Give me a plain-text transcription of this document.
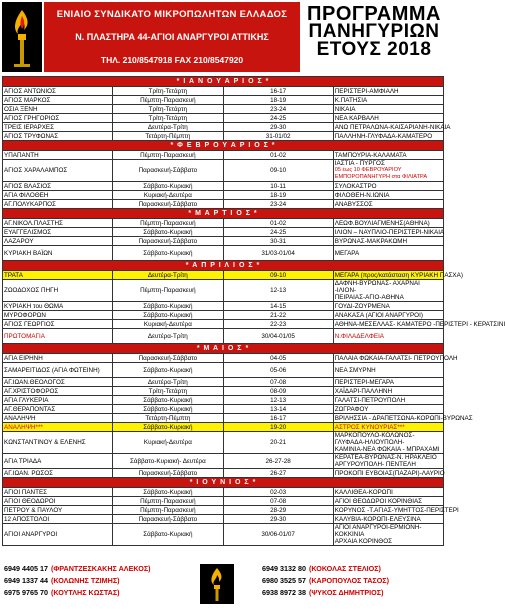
ΕΝΙΑΙΟ ΣΥΝΔΙΚΑΤΟ ΜΙΚΡΟΠΩΛΗΤΩΝ ΕΛΛΑΔΟΣ
Ν. ΠΛΑΣΤΗΡΑ 44-ΑΓΙΟΙ ΑΝΑΡΓΥΡΟΙ ΑΤΤΙΚΗΣ
ΤΗΛ. 210/8547918 FAX 210/8547920
ΠΡΟΓΡΑΜΜΑ
ΠΑΝΗΓΥΡΙΩΝ
ΕΤΟΥΣ 2018
* Ι Α Ν Ο Υ Α Ρ Ι Ο Σ *			
ΑΓΙΟΣ ΑΝΤΩΝΙΟΣ	Τρίτη-Τετάρτη	16-17	ΠΕΡΙΣΤΕΡΙ-ΑΜΦΙΑΛΗ
ΑΓΙΟΣ ΜΑΡΚΟΣ	Πέμπτη-Παρασκευή	18-19	Κ.ΠΑΤΗΣΙΑ
ΟΣΙΑ ΞΕΝΗ	Τρίτη-Τετάρτη	23-24	ΝΙΚΑΙΑ
ΑΓΙΟΣ ΓΡΗΓΟΡΙΟΣ	Τρίτη-Τετάρτη	24-25	ΝΕΑ ΚΑΡΒΑΛΗ
ΤΡΕΙΣ ΙΕΡΑΡΧΕΣ	Δευτέρα-Τρίτη	29-30	ΑΝΩ ΠΕΤΡΑΛΩΝΑ-ΚΑΙΣΑΡΙΑΝΗ-ΝΙΚΑΙΑ
ΑΓΙΟΣ ΤΡΥΦΩΝΑΣ	Τετάρτη-Πέμπτη	31-01/02	ΠΑΛΛΗΝΗ-ΓΛΥΦΑΔΑ-ΚΑΜΑΤΕΡΟ
* Φ Ε Β Ρ Ο Υ Α Ρ Ι Ο Σ *			
ΥΠΑΠΑΝΤΗ	Πέμπτη-Παρασκευή	01-02	ΤΑΜΠΟΥΡΙΑ-ΚΑΛΑΜΑΤΑ
ΑΓΙΟΣ ΧΑΡΑΛΑΜΠΟΣ	Παρασκευή-Σάββατο	09-10	ΙΑΣΤΙΑ - ΠΥΡΓΟΣ
05 έως 10 ΦΕΒΡΟΥΑΡΙΟΥ ΕΜΠΟΡΟΠΑΝΗΓΥΡΗ στα ΦΙΛΙΑΤΡΑ

ΑΓΙΟΣ ΒΛΑΣΙΟΣ	Σάββατο-Κυριακή	10-11	ΣΥΛΟΚΑΣΤΡΟ
ΑΓΙΑ ΦΙΛΟΘΕΗ	Κυριακή-Δευτέρα	18-19	ΦΙΛΟΘΕΗ-Ν.ΙΩΝΙΑ
ΑΓ.ΠΟΛΥΚΑΡΠΟΣ	Παρασκευή-Σάββατο	23-24	ΑΝΑΒΥΣΣΟΣ
* Μ Α Ρ Τ Ι Ο Σ *			
ΑΓ.ΝΙΚΟΛ.ΠΛΑΣΤΗΣ	Πέμπτη-Παρασκευή	01-02	ΛΕΩΦ.ΒΟΥΛΙΑΓΜΕΝΗΣ(ΑΘΗΝΑ)
ΕΥΑΓΓΕΛΙΣΜΟΣ	Σάββατο-Κυριακή	24-25	ΙΛΙΟΝ – ΝΑΥΠΛΙΟ-ΠΕΡΙΣΤΕΡΙ-ΝΙΚΑΙΑ
ΛΑΖΑΡΟΥ	Παρασκευή-Σάββατο	30-31	ΒΥΡΩΝΑΣ-ΜΑΚΡΑΚΩΜΗ
ΚΥΡΙΑΚΗ ΒΑΪΩΝ	Σάββατο-Κυριακή	31/03-01/04	ΜΕΓΑΡΑ
* Α Π Ρ Ι Λ Ι Ο Σ *			
ΤΡΑΤΑ	Δευτέρα-Τρίτη	09-10	ΜΕΓΑΡΑ (προς/κατάσταση ΚΥΡΙΑΚΗ ΠΑΣΧΑ)
ΖΩΟΔΟΧΟΣ ΠΗΓΗ	Πέμπτη-Παρασκευή	12-13	ΔΑΦΝΗ-ΒΥΡΩΝΑΣ- ΑΧΑΡΝΑΙ -ΙΛΙΟΝ-
ΠΕΙΡΑΙΑΣ-ΑΓΙΟ-ΑΘΗΝΑ

ΚΥΡΙΑΚΗ του ΘΩΜΑ	Σάββατο-Κυριακή	14-15	ΓΟΥΔΙ-ΖΟΥΡΜΕΝΑ
ΜΥΡΟΦΟΡΩΝ	Σάββατο-Κυριακή	21-22	ΑΝΑΚΑΣΑ (ΑΓΙΟΙ ΑΝΑΡΓΥΡΟΙ)
ΑΓΙΟΣ ΓΕΩΡΓΙΟΣ	Κυριακή-Δευτέρα	22-23	ΑΘΗΝΑ-ΜΕΣΕΛΛΑΣ- ΚΑΜΑΤΕΡΟ -ΠΕΡΙΣΤΕΡΙ - ΚΕΡΑΤΣΙΝΙ
ΠΡΩΤΟΜΑΓΙΑ	Δευτέρα-Τρίτη	30/04-01/05	Ν.ΦΙΛΑΔΕΛΦΕΙΑ
* Μ Α Ι Ο Σ *			
ΑΓΙΑ ΕΙΡΗΝΗ	Παρασκευή-Σάββατο	04-05	ΠΑΛΑΙΑ ΦΩΚΑΙΑ-ΓΑΛΑΤΣΙ- ΠΕΤΡΟΥΠΟΛΗ
ΣΑΜΑΡΕΙΤΙΔΟΣ (ΑΓΙΑ ΦΩΤΕΙΝΗ)	Σάββατο-Κυριακή	05-06	ΝΕΑ ΣΜΥΡΝΗ
ΑΓ.ΙΩΑΝ.ΘΕΟΛΟΓΟΣ	Δευτέρα-Τρίτη	07-08	ΠΕΡΙΣΤΕΡΙ-ΜΕΓΑΡΑ
ΑΓ.ΧΡΙΣΤΟΦΟΡΟΣ	Τρίτη-Τετάρτη	08-09	ΧΑΪΔΑΡΙ-ΠΑΛΛΗΝΗ
ΑΓΙΑ ΓΛΥΚΕΡΙΑ	Σάββατο-Κυριακή	12-13	ΓΑΛΑΤΣΙ-ΠΕΤΡΟΥΠΟΛΗ
ΑΓ.ΘΕΡΑΠΟΝΤΑΣ	Σάββατο-Κυριακή	13-14	ΖΩΓΡΑΦΟΥ
ΑΝΑΛΗΨΗ	Τετάρτη-Πέμπτη	16-17	ΒΡΙΛΗΣΣΙΑ - ΔΡΑΠΕΤΣΩΝΑ-ΚΟΡΩΠΙ-ΒΥΡΩΝΑΣ
ΑΝΑΛΗΨΗ***	Σάββατο-Κυριακή	19-20	ΑΣΤΡΟΣ ΚΥΝΟΥΡΙΑΣ***
ΚΩΝΣΤΑΝΤΙΝΟΥ & ΕΛΕΝΗΣ	Κυριακή-Δευτέρα	20-21	ΜΑΡΚΟΠΟΥΛΟ-ΚΟΛΩΝΟΣ-ΓΛΥΦΑΔΑ-ΗΛΙΟΥΠΟΛΗ-
ΚΑΜΙΝΙΑ-ΝΕΑ ΦΩΚΑΙΑ - ΜΠΡΑΧΑΜΙ

ΑΓΙΑ ΤΡΙΑΔΑ	Σάββατο-Κυριακή- Δευτέρα	26-27-28	ΚΕΡΑΤΕΑ-ΒΥΡΩΝΑΣ-Ν. ΗΡΑΚΛΕΙΟ
ΑΡΓΥΡΟΥΠΟΛΗ- ΠΕΝΤΕΛΗ

ΑΓ.ΙΩΑΝ. ΡΩΣΟΣ	Παρασκευή-Σάββατο	26-27	ΠΡΟΚΟΠΙ ΕΥΒΟΙΑΣ(ΠΑΖΑΡΙ)-ΛΑΥΡΙΟ
* Ι Ο Υ Ν Ι Ο Σ *			
ΑΓΙΟΙ ΠΑΝΤΕΣ	Σάββατο-Κυριακή	02-03	ΚΑΛΛΙΘΕΑ-ΚΟΡΩΠΙ
ΑΓΙΟΙ ΘΕΟΔΩΡΟΙ	Πέμπτη-Παρασκευή	07-08	ΑΓΙΟΙ ΘΕΟΔΩΡΟΙ ΚΟΡΙΝΘΙΑΣ
ΠΕΤΡΟΥ & ΠΑΥΛΟΥ	Πέμπτη-Παρασκευή	28-29	ΚΟΡΥΝΟΣ -Τ.ΑΓΙΑΣ-ΥΜΗΤΤΟΣ-ΠΕΡΙΣΤΕΡΙ
12 ΑΠΟΣΤΟΛΟΙ	Παρασκευή-Σάββατο	29-30	ΚΑΛΥΒΙΑ-ΚΟΡΩΠΙ-ΕΛΕΥΣΙΝΑ
ΑΓΙΟΙ ΑΝΑΡΓΥΡΟΙ	Σάββατο-Κυριακή	30/06-01/07	ΑΓΙΟΙ ΑΝΑΡΓΥΡΟΙ-ΕΡΜΙΟΝΗ-ΚΟΚΚΙΝΙΑ
ΑΡΧΑΙΑ ΚΟΡΙΝΘΟΣ
6949 4405 17 (ΦΡΑΝΤΖΕΣΚΑΚΗΣ ΑΛΕΚΟΣ)
6949 1337 44 (ΚΟΛΩΝΗΣ ΤΖΙΜΗΣ)
6975 9765 70 (ΚΟΥΤΛΗΣ ΚΩΣΤΑΣ)
6949 3132 80 (ΚΟΚΟΛΑΣ ΣΤΕΛΙΟΣ)
6980 3525 57 (ΚΑΡΟΠΟΥΛΟΣ ΤΑΣΟΣ)
6938 8972 38 (ΨΥΚΟΣ ΔΗΜΗΤΡΙΟΣ)
